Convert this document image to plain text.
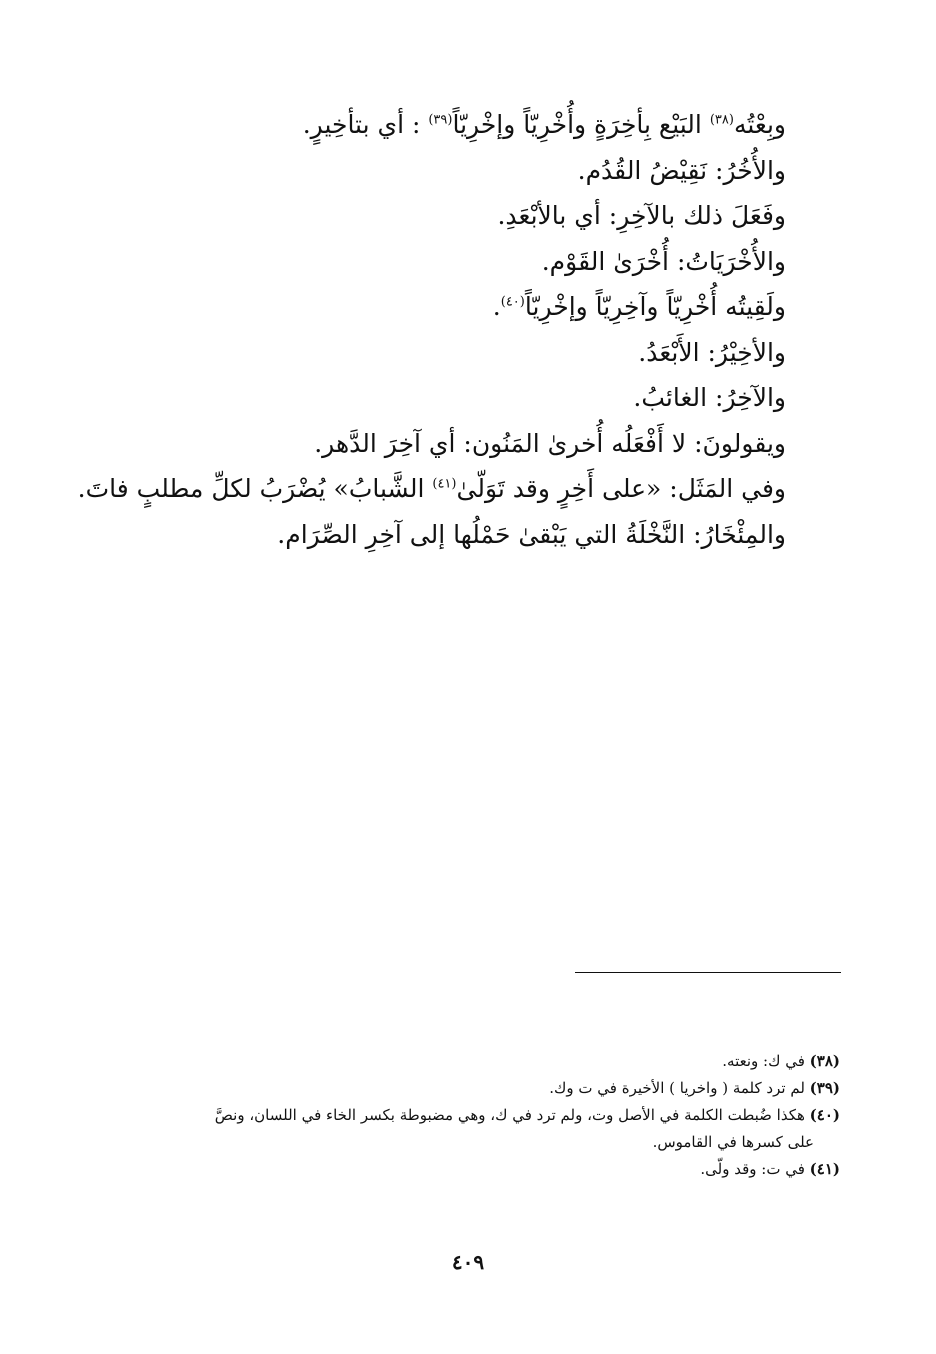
وبِعْتُه$^{(٣٨)}$ البَيْع بِأخِرَةٍ وأُخْرِيّاً وإخْرِيّاً$^{(٣٩)}$ : أي بتأخِيرٍ.
والأُخُرُ: نَقِيْضُ القُدُم.
وفَعَلَ ذلك بالآخِرِ: أي بالأبْعَدِ.
والأُخْرَيَاتُ: أُخْرَىٰ القَوْم.
ولَقِيتُه أُخْرِيّاً وآخِرِيّاً وإخْرِيّاً$^{(٤٠)}$.
والأخِيْرُ: الأَبْعَدُ.
والآخِرُ: الغائبُ.
ويقولونَ: لا أَفْعَلُه أُخرىٰ المَنُون: أي آخِرَ الدَّهر.
وفي المَثَل: «على أَخِرٍ وقد تَوَلّىٰ$^{(٤١)}$ الشَّبابُ» يُضْرَبُ لكلِّ مطلبٍ فاتَ.
والمِئْخَارُ: النَّخْلَةُ التي يَبْقىٰ حَمْلُها إلى آخِرِ الصِّرَام.
(٣٨) في ك: ونعته.
(٣٩) لم ترد كلمة ( واخريا ) الأخيرة في ت وك.
(٤٠) هكذا ضُبطت الكلمة في الأصل وت، ولم ترد في ك، وهي مضبوطة بكسر الخاء في اللسان، ونصَّ
على كسرها في القاموس.
(٤١) في ت: وقد ولّى.
٤٠٩
